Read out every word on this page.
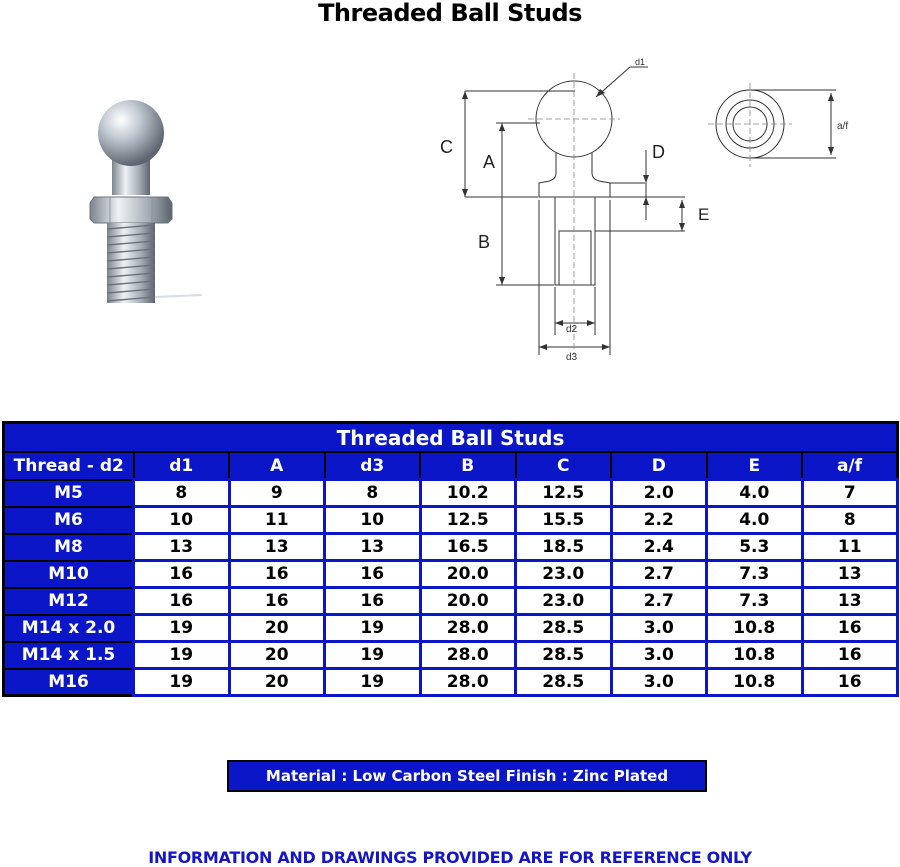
Threaded Ball Studs
d1
C
A	D
E
B
d2
d3
a/f
Threaded Ball Studs								
Thread - d2	d1	A	d3	B	C	D	E	a/f
M5	8	9	8	10.2	12.5	2.0	4.0	7
M6	10	11	10	12.5	15.5	2.2	4.0	8
M8	13	13	13	16.5	18.5	2.4	5.3	11
M10	16	16	16	20.0	23.0	2.7	7.3	13
M12	16	16	16	20.0	23.0	2.7	7.3	13
M14 x 2.0	19	20	19	28.0	28.5	3.0	10.8	16
M14 x 1.5	19	20	19	28.0	28.5	3.0	10.8	16
M16	19	20	19	28.0	28.5	3.0	10.8	16
Material : Low Carbon Steel Finish : Zinc Plated
INFORMATION AND DRAWINGS PROVIDED ARE FOR REFERENCE ONLY
